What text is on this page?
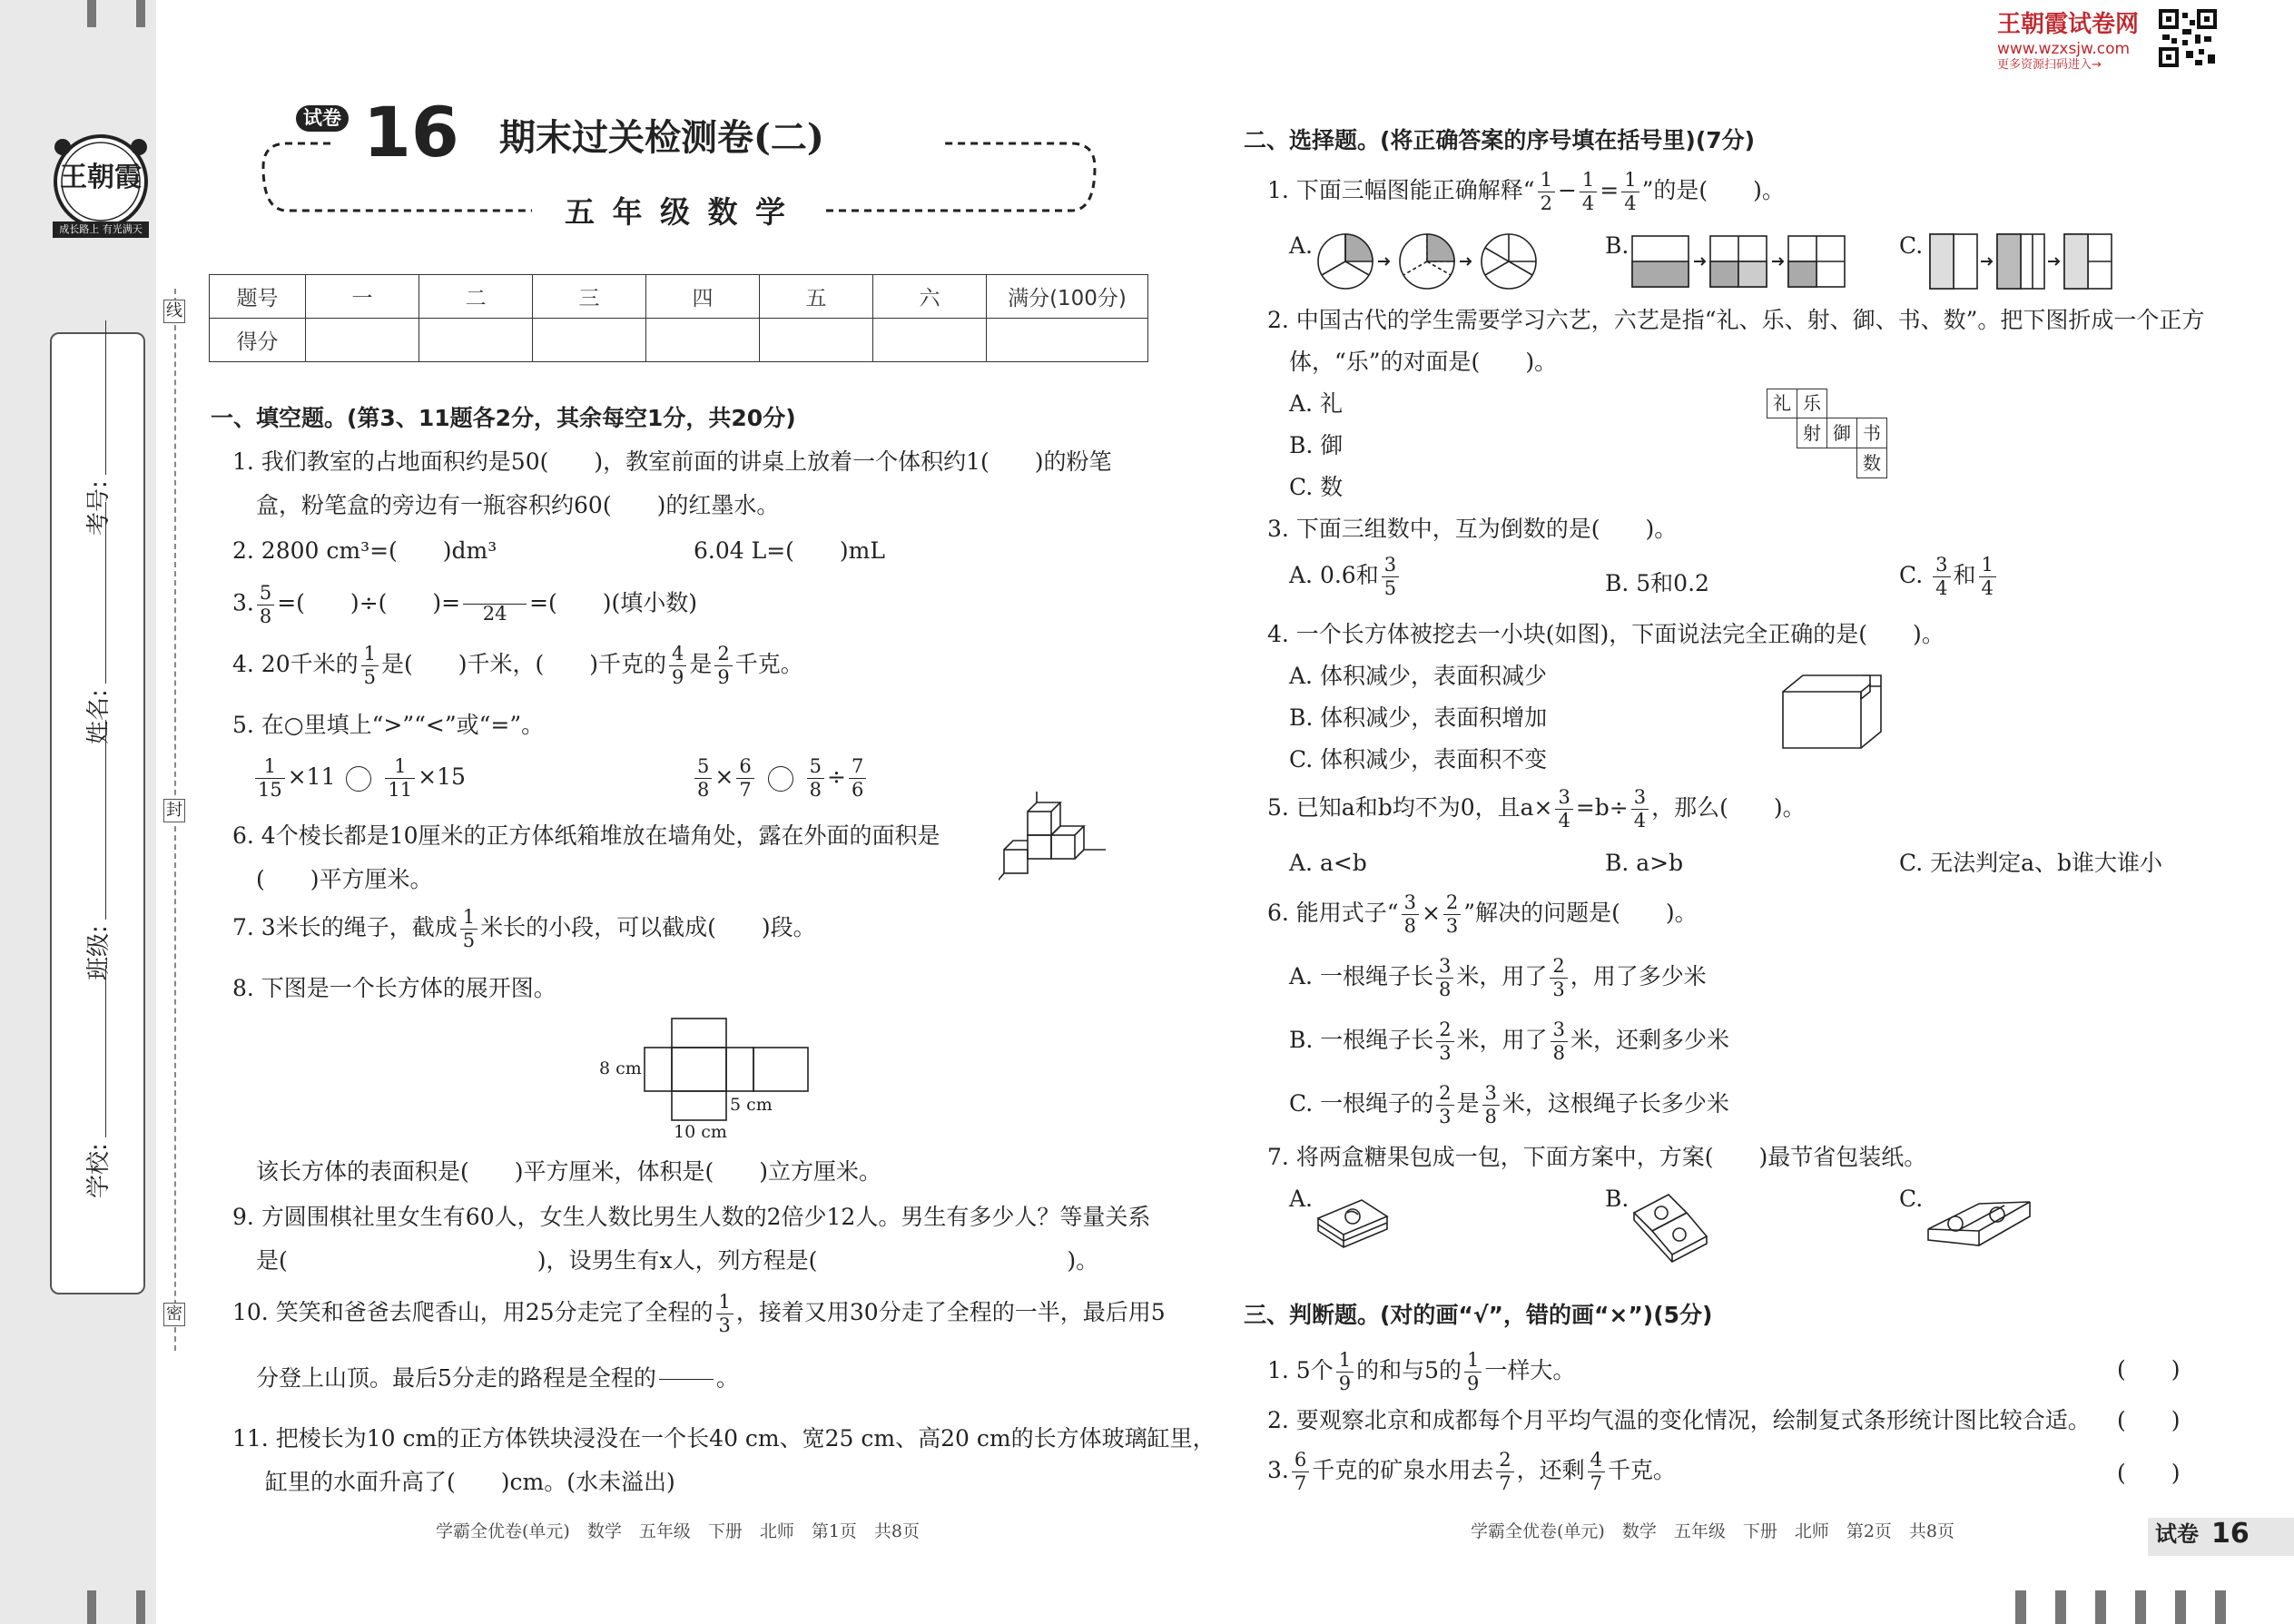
王朝霞
成长路上 有光满天
学校:
班级:
姓名:
考号:
线
封
密
王朝霞试卷网
www.wzxsjw.com
更多资源扫码进入→
试卷 16 期末过关检测卷(二)
五 年 级 数 学
题号	一	二	三	四	五	六	满分(100分)
得分							
一、填空题。(第3、11题各2分，其余每空1分，共20分)
1. 我们教室的占地面积约是50(　　)，教室前面的讲桌上放着一个体积约1(　　)的粉笔
盒，粉笔盒的旁边有一瓶容积约60(　　)的红墨水。
2. 2800 cm³=(　　)dm³	6.04 L=(　　)mL
3. $\frac{5}{8}$ =(　　)÷(　　)=	24 =(　　)(填小数)
4. 20千米的 $\frac{1}{5}$ 是(　　)千米，(　　)千克的 $\frac{4}{9}$ 是 $\frac{2}{9}$ 千克。
5. 在○里填上“>”“<”或“=”。
$\frac{1}{15} \times 11$	$\frac{1}{11} \times 15$	$\frac{5}{8} \times \frac{6}{7}$
	$\frac{5}{8} \div \frac{7}{6}$
6. 4个棱长都是10厘米的正方体纸箱堆放在墙角处，露在外面的面积是
(　　)平方厘米。
7. 3米长的绳子，截成 $\frac{1}{5}$ 米长的小段，可以截成(　　)段。
8. 下图是一个长方体的展开图。
8 cm
5 cm
10 cm
该长方体的表面积是(　　)平方厘米，体积是(　　)立方厘米。
9. 方圆围棋社里女生有60人，女生人数比男生人数的2倍少12人。男生有多少人？等量关系
是(　　　　　　　　　　　)，设男生有x人，列方程是(　　　　　　　　　　　)。
10. 笑笑和爸爸去爬香山，用25分走完了全程的 $\frac{1}{3}$ ，接着又用30分走了全程的一半，最后用5
分登上山顶。最后5分走的路程是全程的	。
11. 把棱长为10 cm的正方体铁块浸没在一个长40 cm、宽25 cm、高20 cm的长方体玻璃缸里，
缸里的水面升高了(　　)cm。(水未溢出)
学霸全优卷(单元)　数学　五年级　下册　北师　第1页　共8页
二、选择题。(将正确答案的序号填在括号里)(7分)
1. 下面三幅图能正确解释“ $\frac{1}{2} - \frac{1}{4} = \frac{1}{4}$ ”的是(　　)。
A.	B.	C.
2. 中国古代的学生需要学习六艺，六艺是指“礼、乐、射、御、书、数”。把下图折成一个正方
体，“乐”的对面是(　　)。
A. 礼
B. 御
C. 数
礼 乐
射 御 书
数
3. 下面三组数中，互为倒数的是(　　)。
A. 0.6和 $\frac{3}{5}$	B. 5和0.2	C. $\frac{3}{4}$ 和 $\frac{1}{4}$
4. 一个长方体被挖去一小块(如图)，下面说法完全正确的是(　　)。
A. 体积减少，表面积减少
B. 体积减少，表面积增加
C. 体积减少，表面积不变
5. 已知a和b均不为0，且$a\times \frac{3}{4} =b\div \frac{3}{4}$ ，那么(　　)。
A. a<b	B. a>b	C. 无法判定a、b谁大谁小
6. 能用式子“ $\frac{3}{8} \times \frac{2}{3}$ ”解决的问题是(　　)。
A. 一根绳子长 $\frac{3}{8}$ 米，用了 $\frac{2}{3}$ ，用了多少米
B. 一根绳子长 $\frac{2}{3}$ 米，用了 $\frac{3}{8}$ 米，还剩多少米
C. 一根绳子的 $\frac{2}{3}$ 是 $\frac{3}{8}$ 米，这根绳子长多少米
7. 将两盒糖果包成一包，下面方案中，方案(　　)最节省包装纸。
A.	B.	C.
三、判断题。(对的画“√”，错的画“×”)(5分)
1. 5个 $\frac{1}{9}$ 的和与5的 $\frac{1}{9}$ 一样大。	(　　)
2. 要观察北京和成都每个月平均气温的变化情况，绘制复式条形统计图比较合适。 (　　)
3. $\frac{6}{7}$ 千克的矿泉水用去 $\frac{2}{7}$ ，还剩 $\frac{4}{7}$ 千克。	(　　)
学霸全优卷(单元)　数学　五年级　下册　北师　第2页　共8页	试卷 16
